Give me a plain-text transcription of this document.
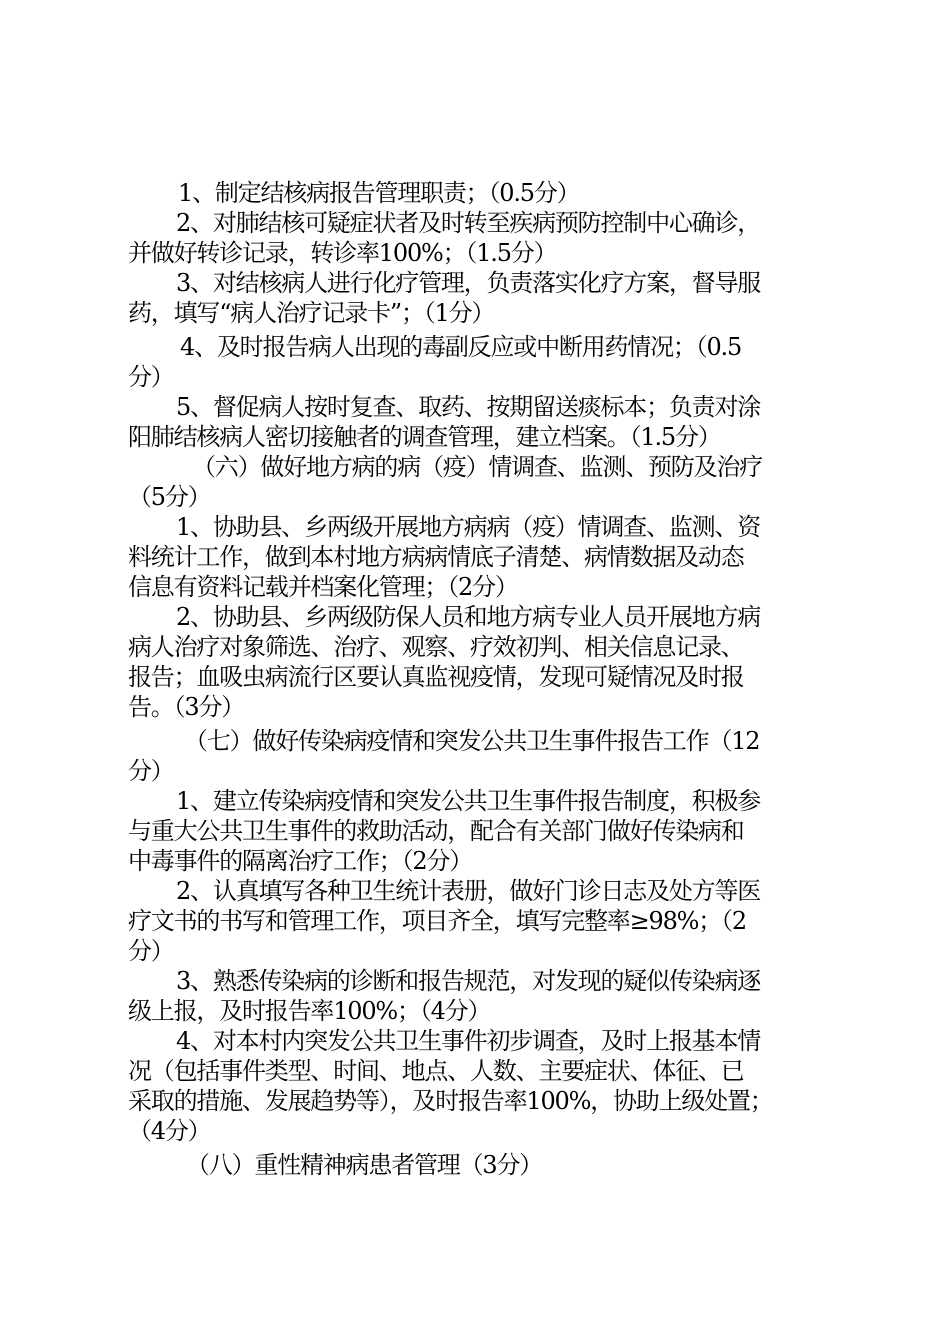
1、制定结核病报告管理职责；（0.5分）
2、对肺结核可疑症状者及时转至疾病预防控制中心确诊，
并做好转诊记录，转诊率100%；（1.5分）
3、对结核病人进行化疗管理，负责落实化疗方案，督导服
药，填写“病人治疗记录卡”；（1分）
4、及时报告病人出现的毒副反应或中断用药情况；（0.5
分）
5、督促病人按时复查、取药、按期留送痰标本；负责对涂
阳肺结核病人密切接触者的调查管理，建立档案。（1.5分）
（六）做好地方病的病（疫）情调查、监测、预防及治疗
（5分）
1、协助县、乡两级开展地方病病（疫）情调查、监测、资
料统计工作，做到本村地方病病情底子清楚、病情数据及动态
信息有资料记载并档案化管理；（2分）
2、协助县、乡两级防保人员和地方病专业人员开展地方病
病人治疗对象筛选、治疗、观察、疗效初判、相关信息记录、
报告；血吸虫病流行区要认真监视疫情，发现可疑情况及时报
告。（3分）
（七）做好传染病疫情和突发公共卫生事件报告工作（12
分）
1、建立传染病疫情和突发公共卫生事件报告制度，积极参
与重大公共卫生事件的救助活动，配合有关部门做好传染病和
中毒事件的隔离治疗工作；（2分）
2、认真填写各种卫生统计表册，做好门诊日志及处方等医
疗文书的书写和管理工作，项目齐全，填写完整率≥98%；（2
分）
3、熟悉传染病的诊断和报告规范，对发现的疑似传染病逐
级上报，及时报告率100%；（4分）
4、对本村内突发公共卫生事件初步调查，及时上报基本情
况（包括事件类型、时间、地点、人数、主要症状、体征、已
采取的措施、发展趋势等），及时报告率100%，协助上级处置；
（4分）
（八）重性精神病患者管理（3分）
